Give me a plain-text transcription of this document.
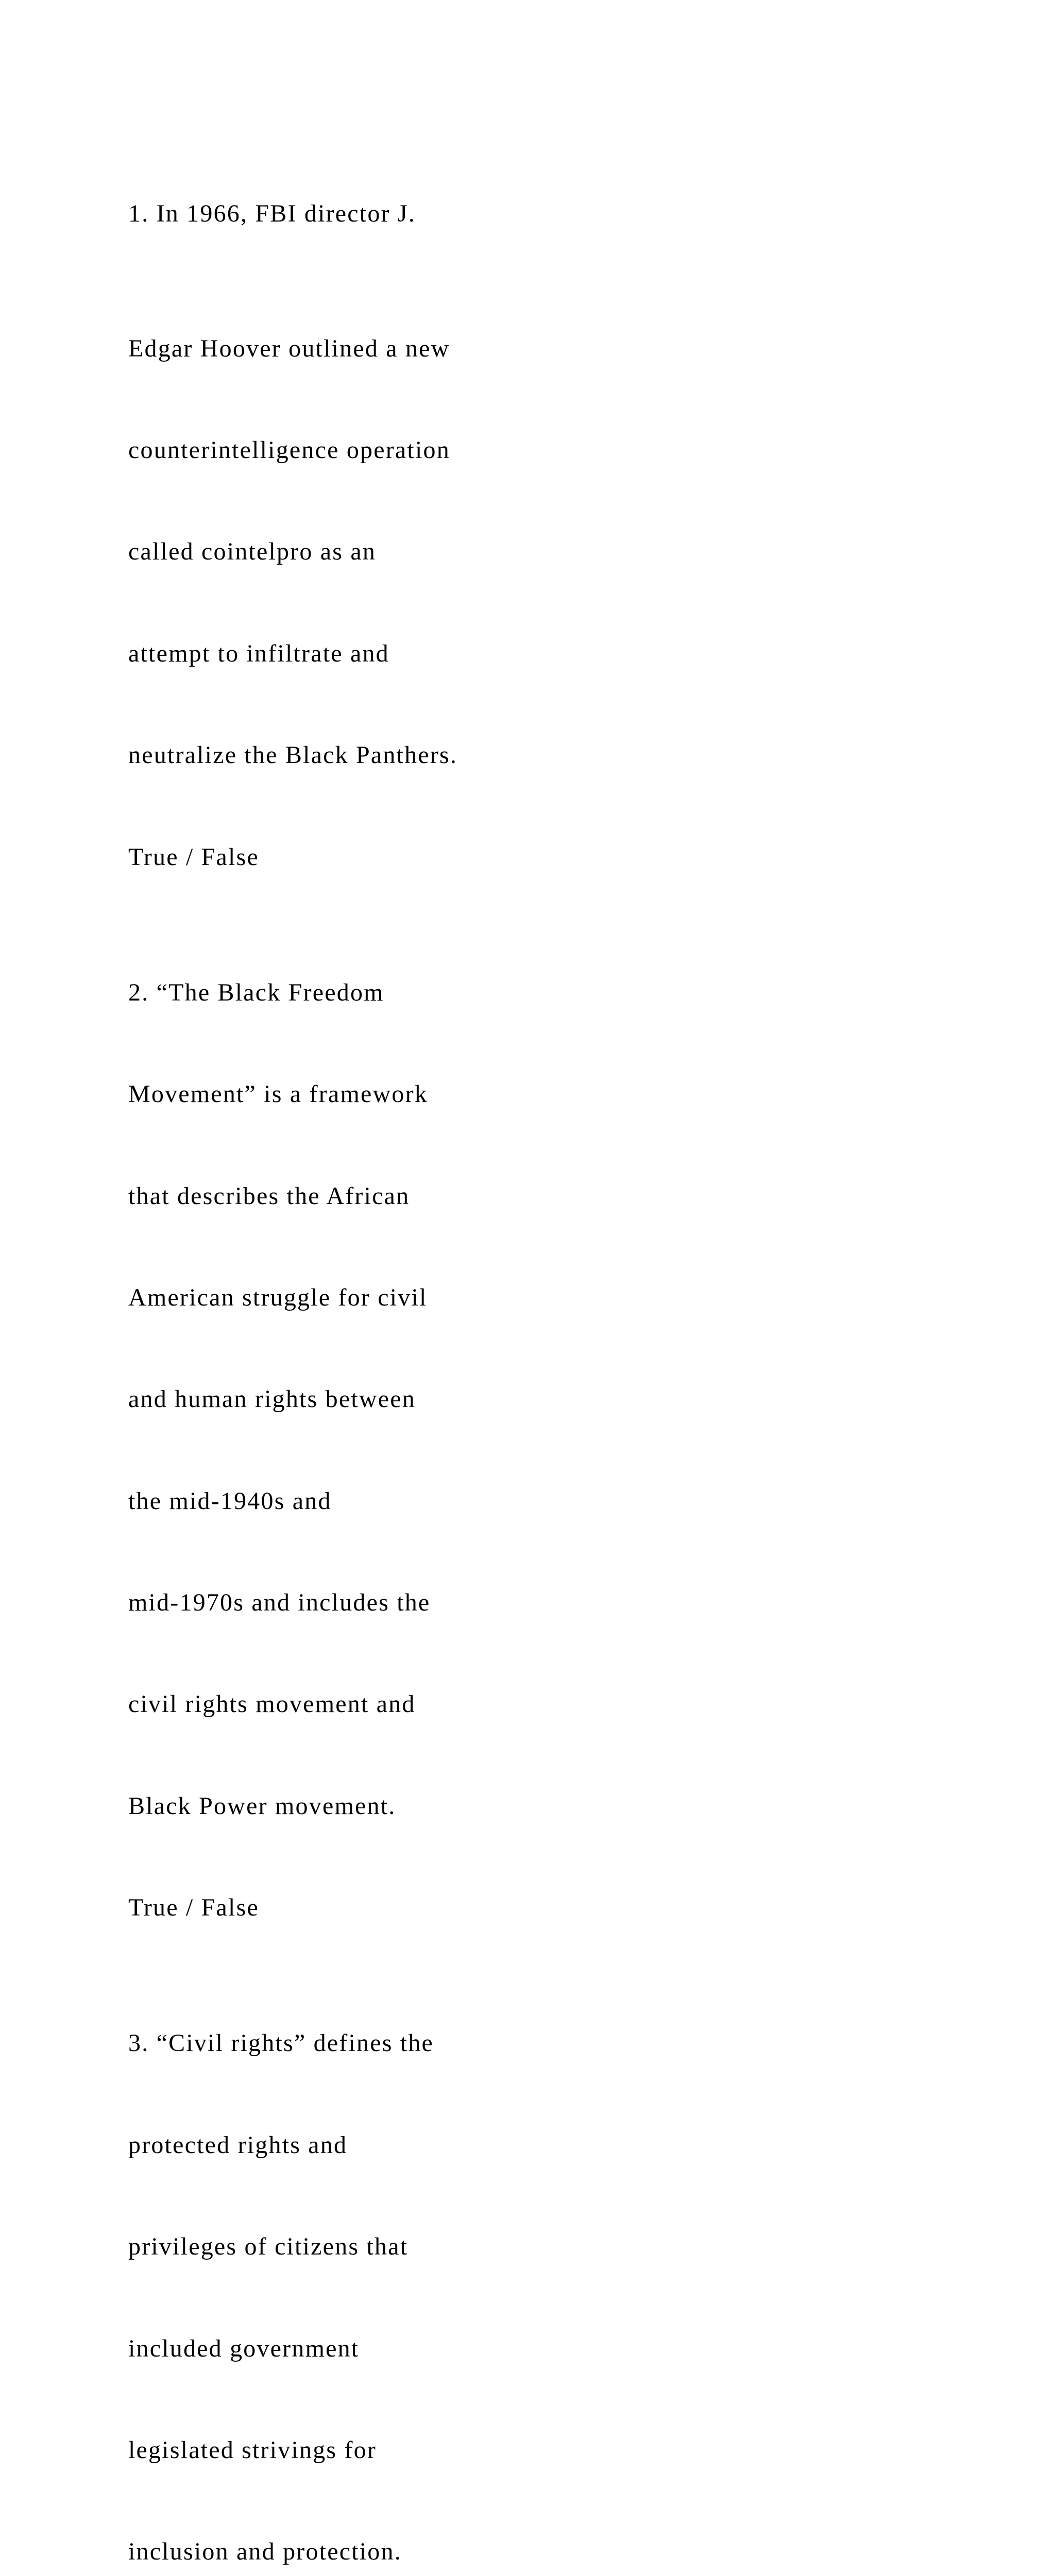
1. In 1966, FBI director J.

Edgar Hoover outlined a new

counterintelligence operation

called cointelpro as an

attempt to infiltrate and

neutralize the Black Panthers.

True / False

2. “The Black Freedom

Movement” is a framework

that describes the African

American struggle for civil

and human rights between

the mid-1940s and

mid-1970s and includes the

civil rights movement and

Black Power movement.

True / False

3. “Civil rights” defines the

protected rights and

privileges of citizens that

included government

legislated strivings for

inclusion and protection.
